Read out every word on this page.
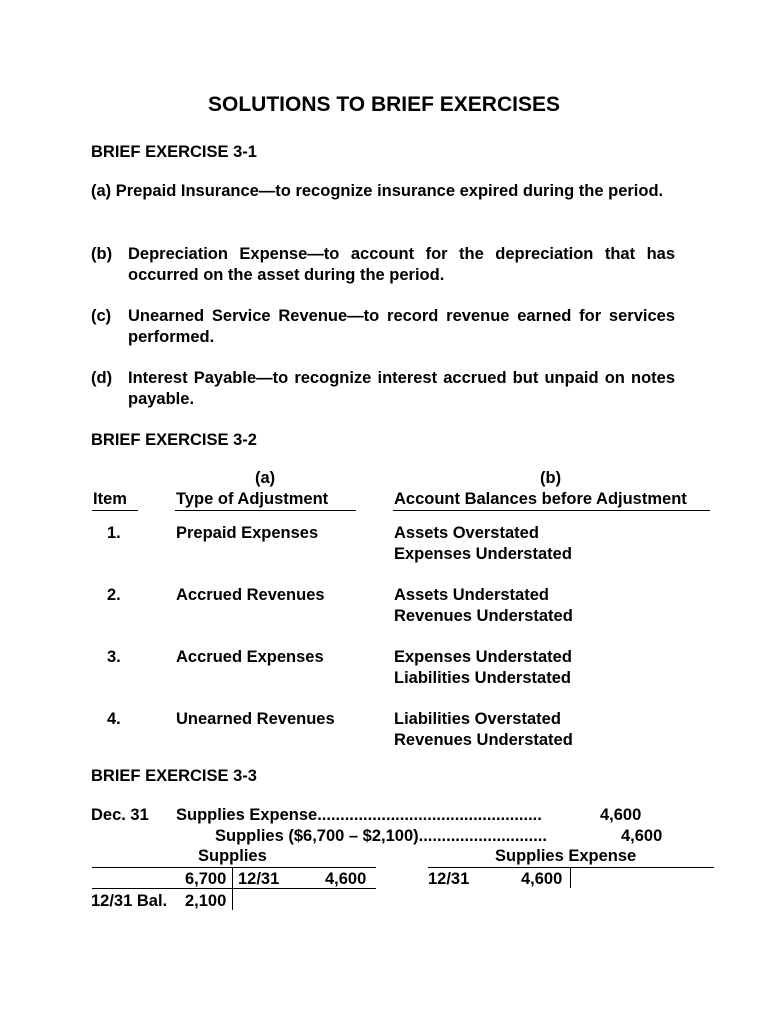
SOLUTIONS TO BRIEF EXERCISES
BRIEF EXERCISE 3-1
(a) Prepaid Insurance—to recognize insurance expired during the period.
(b) Depreciation Expense—to account for the depreciation that has occurred on the asset during the period.
(c) Unearned Service Revenue—to record revenue earned for services performed.
(d) Interest Payable—to recognize interest accrued but unpaid on notes payable.
BRIEF EXERCISE 3-2
(a)	(b)
Item	Type of Adjustment	Account Balances before Adjustment
1.	Prepaid Expenses	Assets Overstated
Expenses Understated
2.	Accrued Revenues	Assets Understated
Revenues Understated
3.	Accrued Expenses	Expenses Understated
Liabilities Understated
4.	Unearned Revenues	Liabilities Overstated
Revenues Understated
BRIEF EXERCISE 3-3
Dec. 31 Supplies Expense.................................................	4,600
Supplies ($6,700 – $2,100)............................	4,600
Supplies
6,700 12/31	4,600
12/31 Bal. 2,100
Supplies Expense
12/31	4,600
